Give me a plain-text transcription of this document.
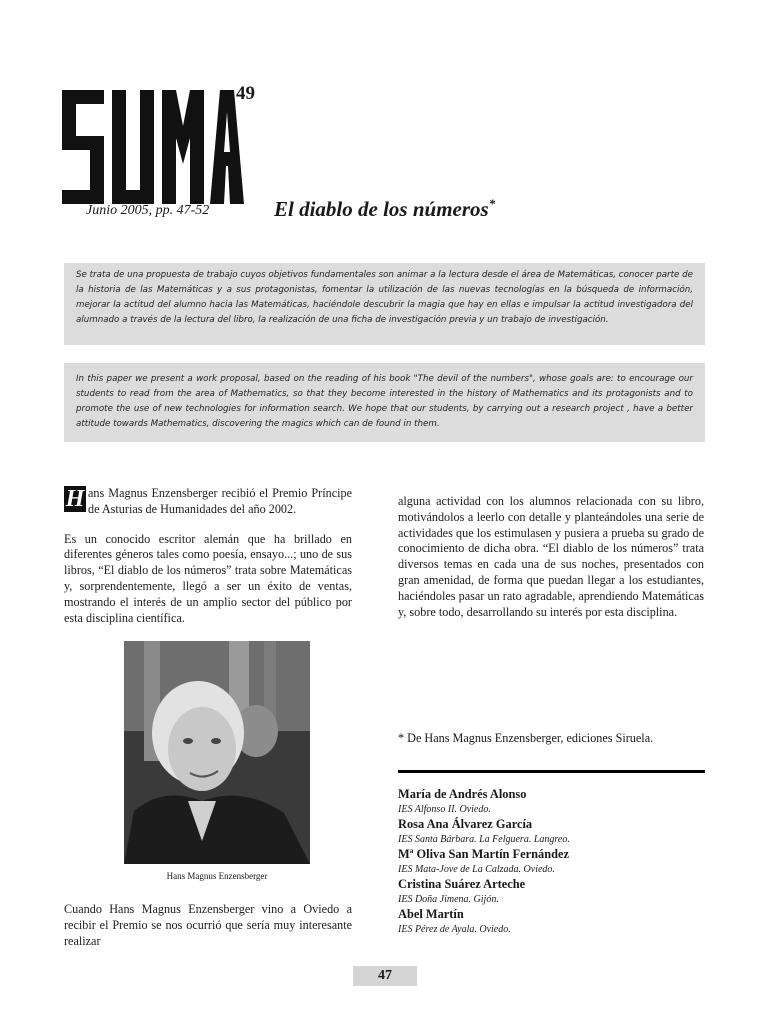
49
Junio 2005, pp. 47-52	El diablo de los números*
Se trata de una propuesta de trabajo cuyos objetivos fundamentales son animar a la lectura desde el área de Matemáticas, conocer parte de la historia de las Matemáticas y a sus protagonistas, fomentar la utilización de las nuevas tecnologías en la búsqueda de información, mejorar la actitud del alumno hacia las Matemáticas, haciéndole descubrir la magia que hay en ellas e impulsar la actitud investigadora del alumnado a través de la lectura del libro, la realización de una ficha de investigación previa y un trabajo de investigación.
In this paper we present a work proposal, based on the reading of his book "The devil of the numbers", whose goals are: to encourage our students to read from the area of Mathematics, so that they become interested in the history of Mathematics and its protagonists and to promote the use of new technologies for information search. We hope that our students, by carrying out a research project , have a better attitude towards Mathematics, discovering the magics which can de found in them.

H ans Magnus Enzensberger recibió el Premio Príncipe de Asturias de Humanidades del año 2002.

Es un conocido escritor alemán que ha brillado en diferentes géneros tales como poesía, ensayo...; uno de sus libros, “El diablo de los números” trata sobre Matemáticas y, sorprendentemente, llegó a ser un éxito de ventas, mostrando el interés de un amplio sector del público por esta disciplina científica.

Hans Magnus Enzensberger

Cuando Hans Magnus Enzensberger vino a Oviedo a recibir el Premio se nos ocurrió que sería muy interesante realizar

alguna actividad con los alumnos relacionada con su libro, motivándolos a leerlo con detalle y planteándoles una serie de actividades que los estimulasen y pusiera a prueba su grado de conocimiento de dicha obra. “El diablo de los números” trata diversos temas en cada una de sus noches, presentados con gran amenidad, de forma que puedan llegar a los estudiantes, haciéndoles pasar un rato agradable, aprendiendo Matemáticas y, sobre todo, desarrollando su interés por esta disciplina.

* De Hans Magnus Enzensberger, ediciones Siruela.
María de Andrés Alonso
IES Alfonso II. Oviedo.
Rosa Ana Álvarez García
IES Santa Bárbara. La Felguera. Langreo.
Mª Oliva San Martín Fernández
IES Mata-Jove de La Calzada. Oviedo.
Cristina Suárez Arteche
IES Doña Jimena. Gijón.
Abel Martín
IES Pérez de Ayala. Oviedo.
47
